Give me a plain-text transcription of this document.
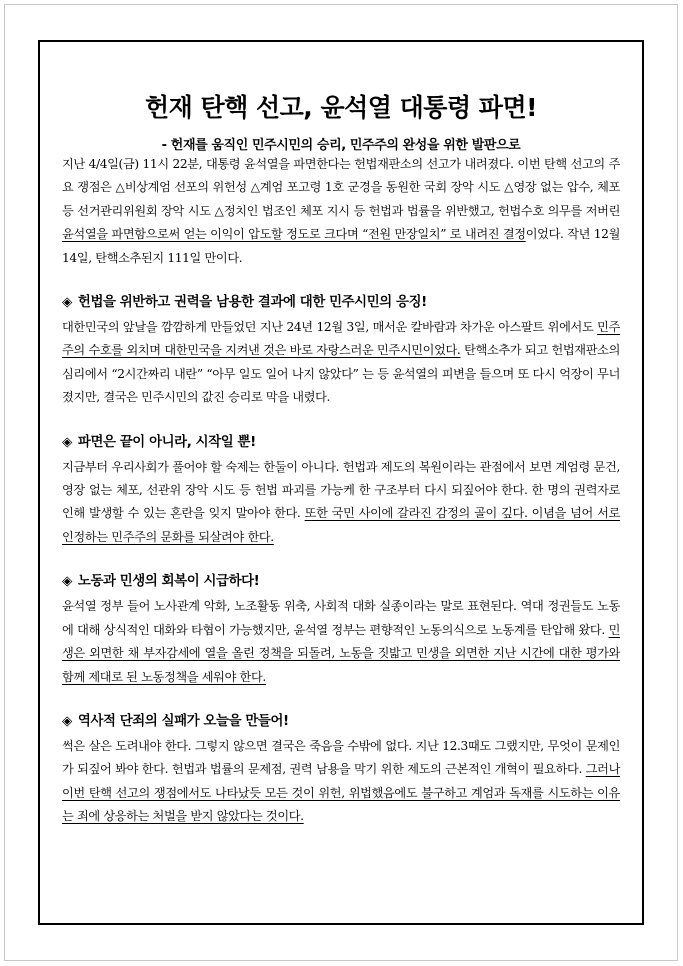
헌재 탄핵 선고, 윤석열 대통령 파면!
- 헌재를 움직인 민주시민의 승리, 민주주의 완성을 위한 발판으로

지난 4/4일(금) 11시 22분, 대통령 윤석열을 파면한다는 헌법재판소의 선고가 내려졌다. 이번 탄핵 선고의 주요 쟁점은 △비상계엄 선포의 위헌성 △계엄 포고령 1호 군경을 동원한 국회 장악 시도 △영장 없는 압수, 체포 등 선거관리위원회 장악 시도 △정치인 법조인 체포 지시 등 헌법과 법률을 위반했고, 헌법수호 의무를 저버린 윤석열을 파면함으로써 얻는 이익이 압도할 정도로 크다며 “전원 만장일치” 로 내려진 결정이었다. 작년 12월 14일, 탄핵소추된지 111일 만이다.

◈ 헌법을 위반하고 권력을 남용한 결과에 대한 민주시민의 응징!

대한민국의 앞날을 깜깜하게 만들었던 지난 24년 12월 3일, 매서운 칼바람과 차가운 아스팔트 위에서도 민주주의 수호를 외치며 대한민국을 지켜낸 것은 바로 자랑스러운 민주시민이었다. 탄핵소추가 되고 헌법재판소의 심리에서 “2시간짜리 내란” “아무 일도 일어 나지 않았다” 는 등 윤석열의 피변을 들으며 또 다시 억장이 무너졌지만, 결국은 민주시민의 값진 승리로 막을 내렸다.

◈ 파면은 끝이 아니라, 시작일 뿐!

지금부터 우리사회가 풀어야 할 숙제는 한둘이 아니다. 헌법과 제도의 복원이라는 관점에서 보면 계엄령 문건, 영장 없는 체포, 선관위 장악 시도 등 헌법 파괴를 가능케 한 구조부터 다시 되짚어야 한다. 한 명의 권력자로 인해 발생할 수 있는 혼란을 잊지 말아야 한다. 또한 국민 사이에 갈라진 감정의 골이 깊다. 이념을 넘어 서로 인정하는 민주주의 문화를 되살려야 한다.

◈ 노동과 민생의 회복이 시급하다!

윤석열 정부 들어 노사관계 악화, 노조활동 위축, 사회적 대화 실종이라는 말로 표현된다. 역대 정권들도 노동에 대해 상식적인 대화와 타협이 가능했지만, 윤석열 정부는 편향적인 노동의식으로 노동계를 탄압해 왔다. 민생은 외면한 채 부자감세에 열을 올린 정책을 되돌려, 노동을 짓밟고 민생을 외면한 지난 시간에 대한 평가와 함께 제대로 된 노동정책을 세워야 한다.

◈ 역사적 단죄의 실패가 오늘을 만들어!

썩은 살은 도려내야 한다. 그렇지 않으면 결국은 죽음을 수밖에 없다. 지난 12.3때도 그랬지만, 무엇이 문제인가 되짚어 봐야 한다. 헌법과 법률의 문제점, 권력 남용을 막기 위한 제도의 근본적인 개혁이 필요하다. 그러나 이번 탄핵 선고의 쟁점에서도 나타났듯 모든 것이 위헌, 위법했음에도 불구하고 계엄과 독재를 시도하는 이유는 죄에 상응하는 처벌을 받지 않았다는 것이다.
